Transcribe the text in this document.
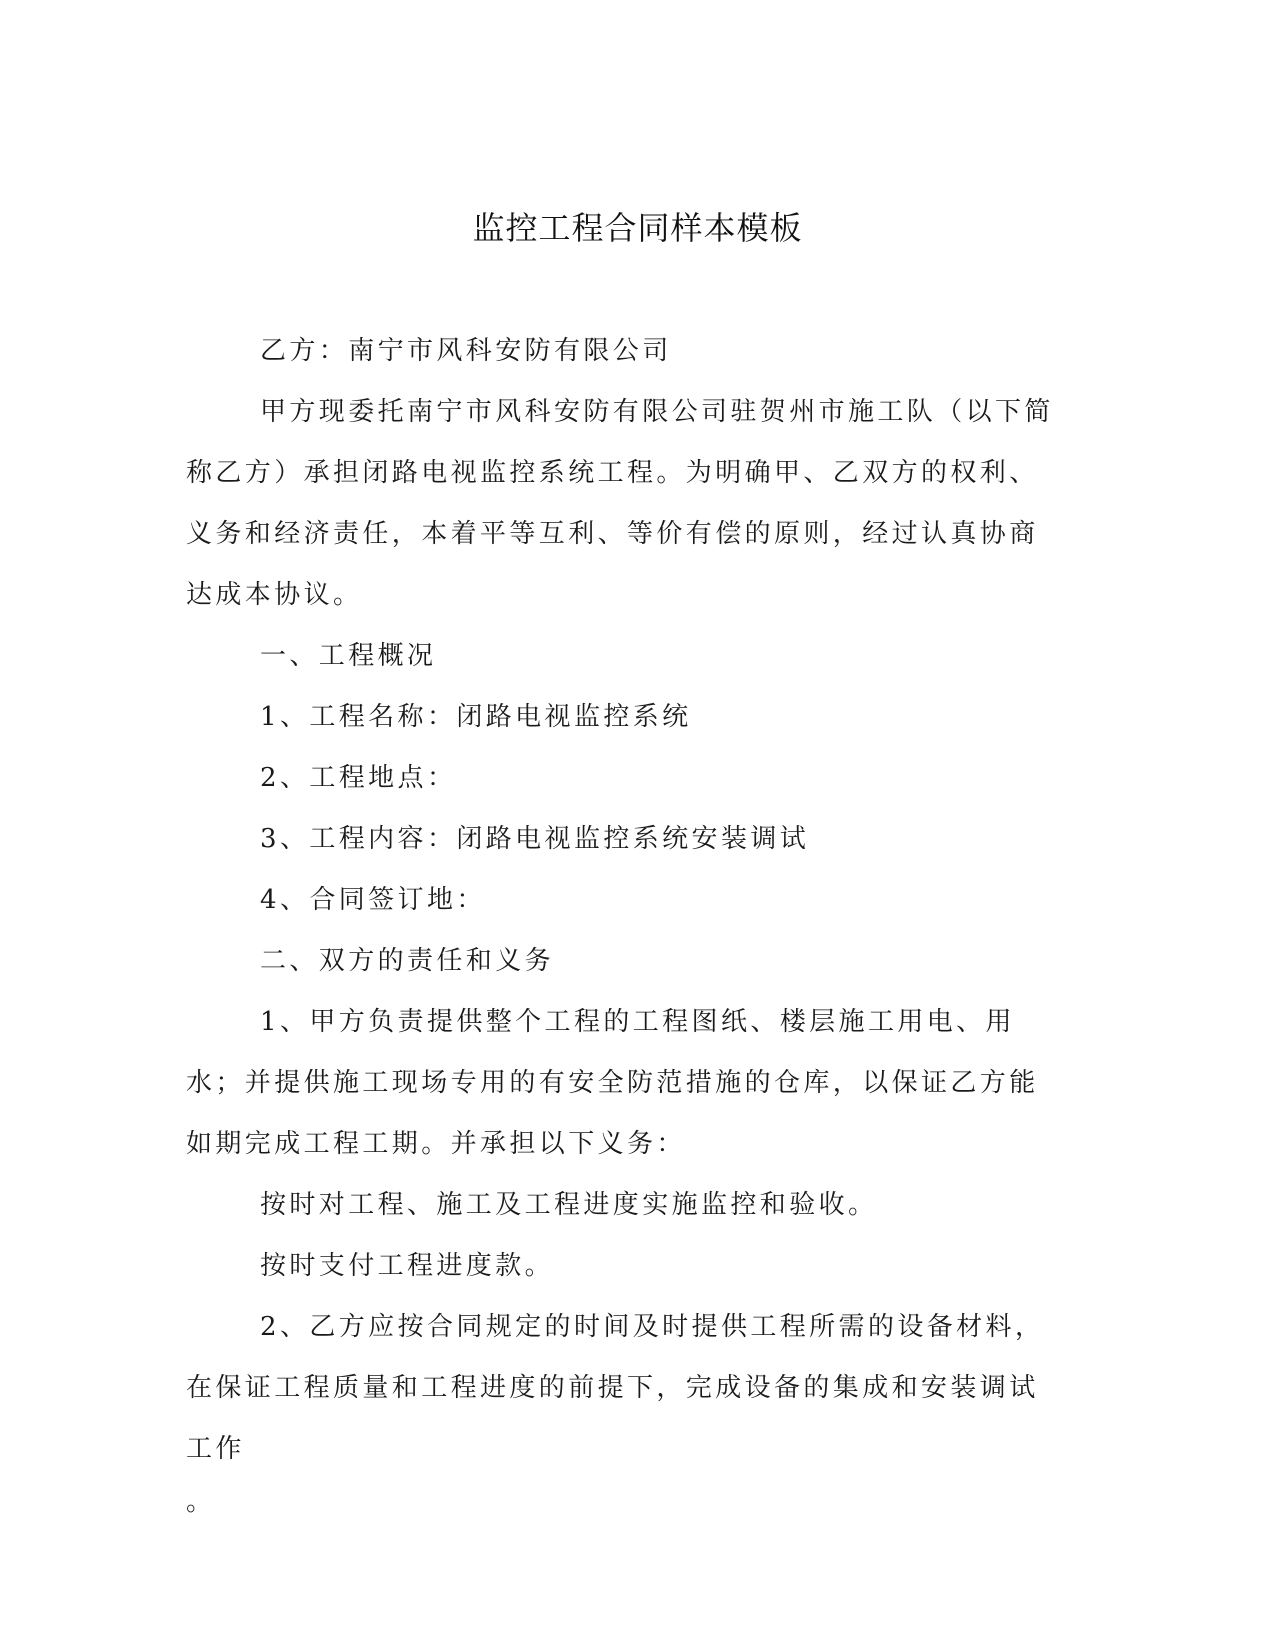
监控工程合同样本模板

乙方：南宁市风科安防有限公司

甲方现委托南宁市风科安防有限公司驻贺州市施工队（以下简称乙方）承担闭路电视监控系统工程。为明确甲、乙双方的权利、义务和经济责任，本着平等互利、等价有偿的原则，经过认真协商达成本协议。

一、工程概况

1、工程名称：闭路电视监控系统

2、工程地点：

3、工程内容：闭路电视监控系统安装调试

4、合同签订地：

二、双方的责任和义务

1、甲方负责提供整个工程的工程图纸、楼层施工用电、用水；并提供施工现场专用的有安全防范措施的仓库，以保证乙方能如期完成工程工期。并承担以下义务：

按时对工程、施工及工程进度实施监控和验收。

按时支付工程进度款。

2、乙方应按合同规定的时间及时提供工程所需的设备材料，在保证工程质量和工程进度的前提下，完成设备的集成和安装调试工作

。
